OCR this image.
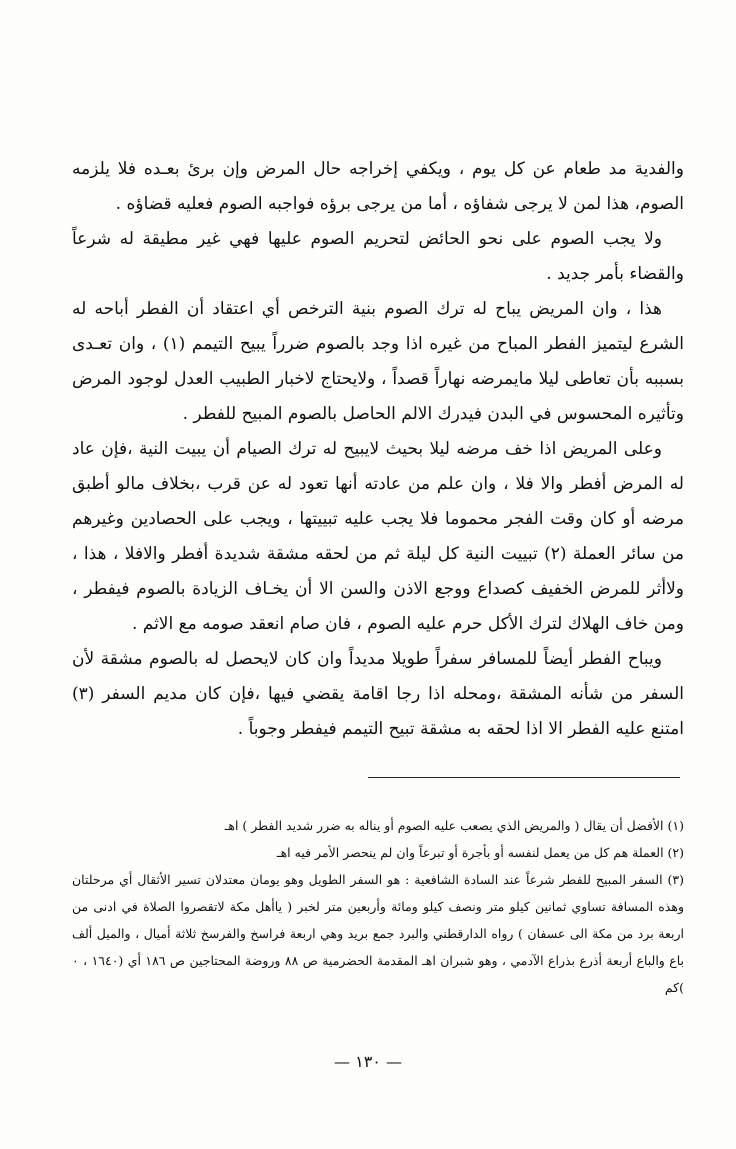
والفدية مد طعام عن كل يوم ، ويكفي إخراجه حال المرض وإن برئ بعـده فلا يلزمه الصوم، هذا لمن لا يرجى شفاؤه ، أما من يرجى برؤه فواجبه الصوم فعليه قضاؤه .

ولا يجب الصوم على نحو الحائض لتحريم الصوم عليها فهي غير مطيقة له شرعاً والقضاء بأمر جديد .

هذا ، وان المريض يباح له ترك الصوم بنية الترخص أي اعتقاد أن الفطر أباحه له الشرع ليتميز الفطر المباح من غيره اذا وجد بالصوم ضرراً يبيح التيمم (١) ، وان تعـدى بسببه بأن تعاطى ليلا مايمرضه نهاراً قصداً ، ولايحتاج لاخبار الطبيب العدل لوجود المرض وتأثيره المحسوس في البدن فيدرك الالم الحاصل بالصوم المبيح للفطر .

وعلى المريض اذا خف مرضه ليلا بحيث لايبيح له ترك الصيام أن يبيت النية ،فإن عاد له المرض أفطر والا فلا ، وان علم من عادته أنها تعود له عن قرب ،بخلاف مالو أطبق مرضه أو كان وقت الفجر محموما فلا يجب عليه تبييتها ، ويجب على الحصادين وغيرهم من سائر العملة (٢) تبييت النية كل ليلة ثم من لحقه مشقة شديدة أفطر والافلا ، هذا ، ولاأثر للمرض الخفيف كصداع ووجع الاذن والسن الا أن يخـاف الزيادة بالصوم فيفطر ، ومن خاف الهلاك لترك الأكل حرم عليه الصوم ، فان صام انعقد صومه مع الاثم .

ويباح الفطر أيضاً للمسافر سفراً طويلا مديداً وان كان لايحصل له بالصوم مشقة لأن السفر من شأنه المشقة ،ومحله اذا رجا اقامة يقضي فيها ،فإن كان مديم السفر (٣) امتنع عليه الفطر الا اذا لحقه به مشقة تبيح التيمم فيفطر وجوباً .

(١) الأفضل أن يقال ( والمريض الذي يصعب عليه الصوم أو يناله به ضرر شديد الفطر ) اهـ

(٢) العملة هم كل من يعمل لنفسه أو بأجرة أو تبرعاً وان لم ينحصر الأمر فيه اهـ

(٣) السفر المبيح للفطر شرعاً عند السادة الشافعية : هو السفر الطويل وهو يومان معتدلان تسير الأثقال أي مرحلتان وهذه المسافة تساوي ثمانين كيلو متر ونصف كيلو ومائة وأربعين متر لخبر ( ياأهل مكة لاتقصروا الصلاة في ادنى من اربعة برد من مكة الى عسفان ) رواه الدارقطني والبرد جمع بريد وهي اربعة فراسخ والفرسخ ثلاثة أميال ، والميل ألف باع والباع أربعة أذرع بذراع الآدمي ، وهو شبران اهـ المقدمة الحضرمية ص ٨٨ وروضة المحتاجين ص ١٨٦ أي (١٦٤٠ ، ٠ )كم

— ١٣٠ —
